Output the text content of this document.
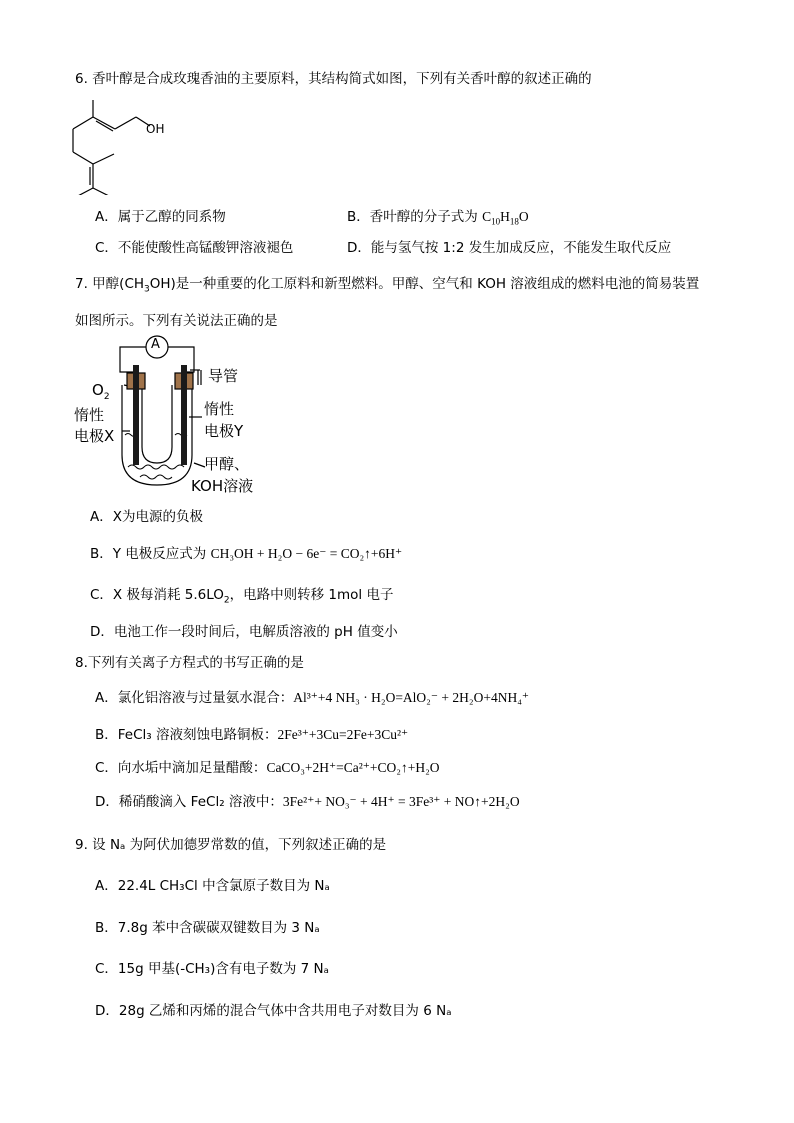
6. 香叶醇是合成玫瑰香油的主要原料，其结构简式如图，下列有关香叶醇的叙述正确的
OH
A．属于乙醇的同系物	B．香叶醇的分子式为 $C_{10}H_{18}O$
C．不能使酸性高锰酸钾溶液褪色	D．能与氢气按 1:2 发生加成反应，不能发生取代反应
7. 甲醇$(CH_3OH)$是一种重要的化工原料和新型燃料。甲醇、空气和 KOH 溶液组成的燃料电池的简易装置
如图所示。下列有关说法正确的是
A
$O_2$
导管
惰性
电极X
惰性
电极Y
甲醇、
KOH溶液
A．X为电源的负极
B．Y 电极反应式为 CH₃OH + H₂O − 6e⁻ = CO₂↑+6H⁺
C．X 极每消耗 $5.6LO_2$，电路中则转移 1mol 电子
D．电池工作一段时间后，电解质溶液的 pH 值变小
8.下列有关离子方程式的书写正确的是
A．氯化铝溶液与过量氨水混合：Al³⁺+4 NH₃ · H₂O=AlO₂⁻ + 2H₂O+4NH₄⁺
B．FeCl₃ 溶液刻蚀电路铜板：2Fe³⁺+3Cu=2Fe+3Cu²⁺
C．向水垢中滴加足量醋酸：CaCO₃+2H⁺=Ca²⁺+CO₂↑+H₂O
D．稀硝酸滴入 FeCl₂ 溶液中：3Fe²⁺+ NO₃⁻ + 4H⁺ = 3Fe³⁺ + NO↑+2H₂O
9. 设 Nₐ 为阿伏加德罗常数的值，下列叙述正确的是
A．22.4L CH₃Cl 中含氯原子数目为 Nₐ
B．7.8g 苯中含碳碳双键数目为 3 Nₐ
C．15g 甲基(-CH₃)含有电子数为 7 Nₐ
D．28g 乙烯和丙烯的混合气体中含共用电子对数目为 6 Nₐ
